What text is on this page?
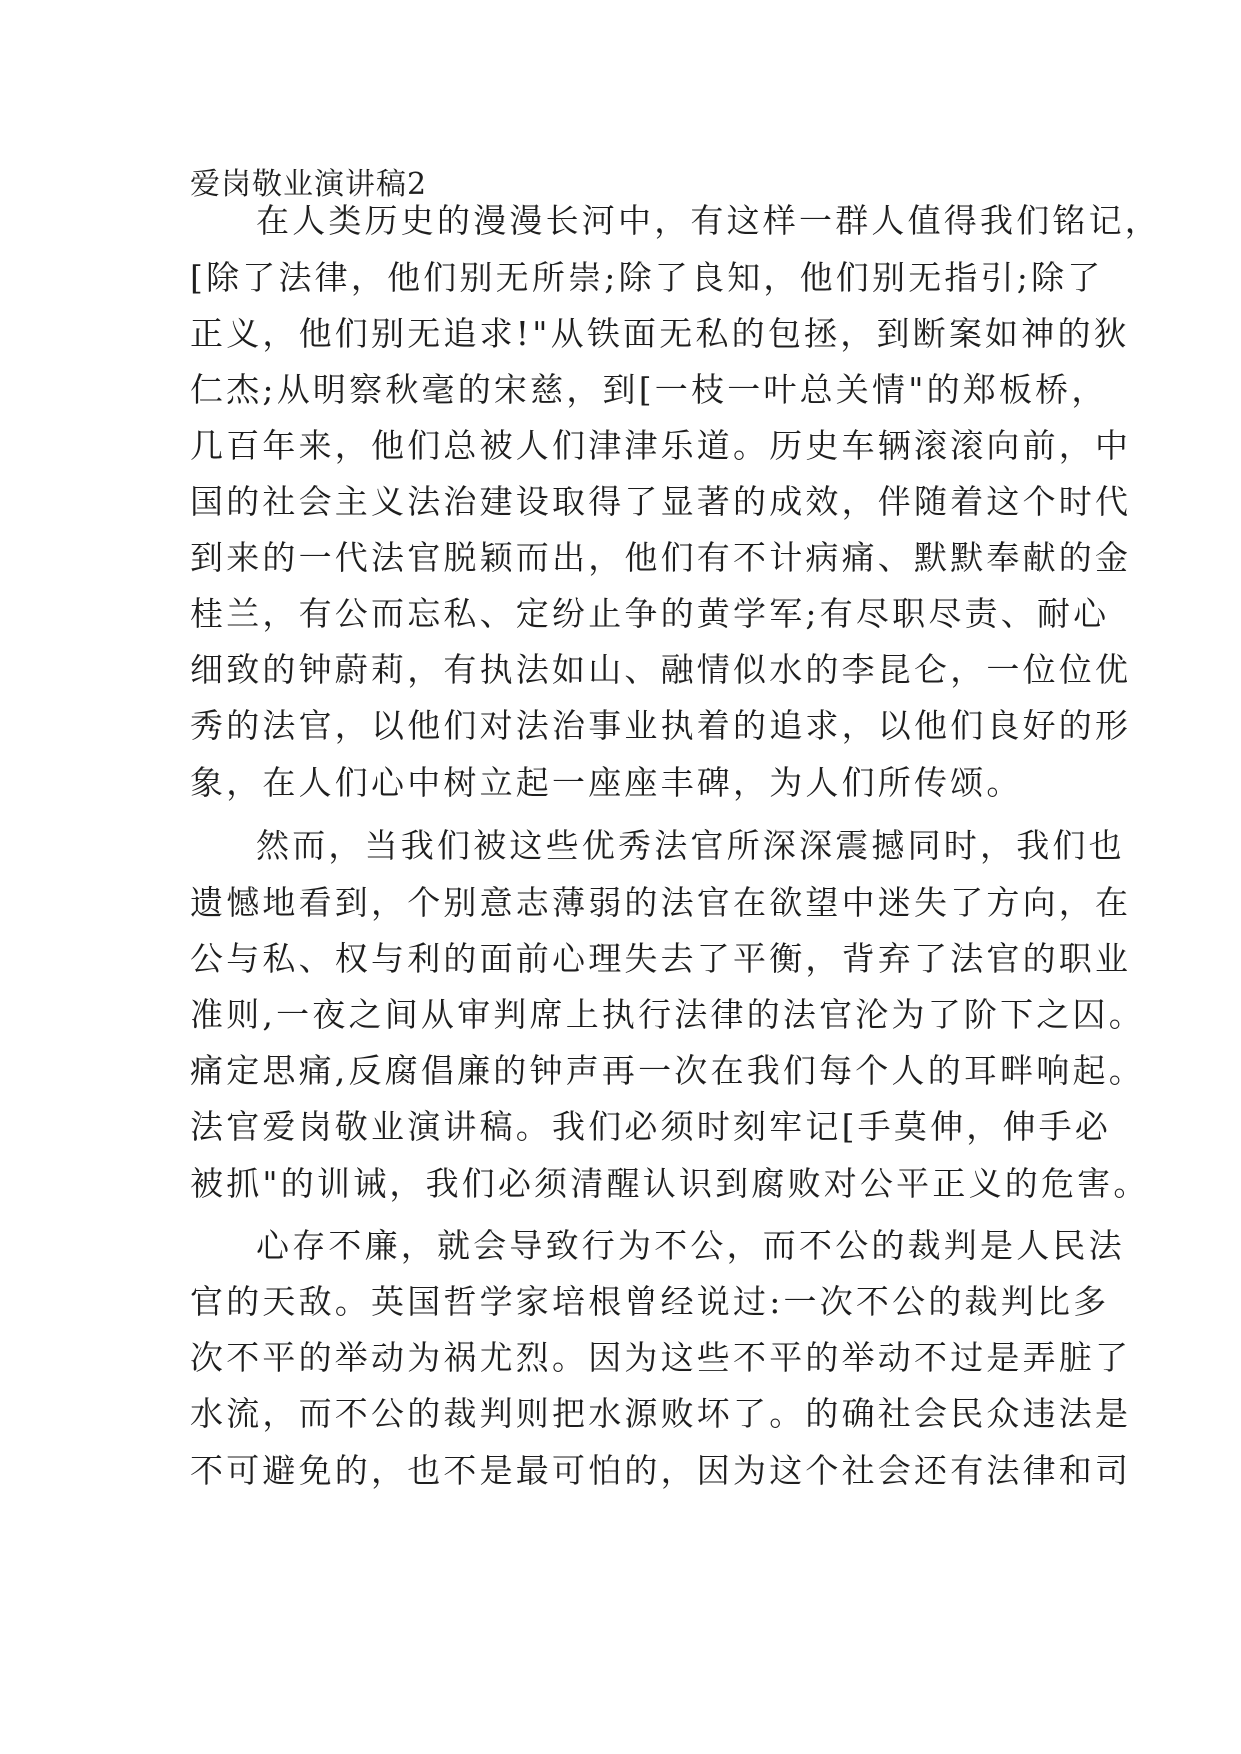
爱岗敬业演讲稿2
在人类历史的漫漫长河中，有这样一群人值得我们铭记，
[除了法律，他们别无所崇;除了良知，他们别无指引;除了
正义，他们别无追求!"从铁面无私的包拯，到断案如神的狄
仁杰;从明察秋毫的宋慈，到[一枝一叶总关情"的郑板桥，
几百年来，他们总被人们津津乐道。历史车辆滚滚向前，中
国的社会主义法治建设取得了显著的成效，伴随着这个时代
到来的一代法官脱颖而出，他们有不计病痛、默默奉献的金
桂兰，有公而忘私、定纷止争的黄学军;有尽职尽责、耐心
细致的钟蔚莉，有执法如山、融情似水的李昆仑，一位位优
秀的法官，以他们对法治事业执着的追求，以他们良好的形
象，在人们心中树立起一座座丰碑，为人们所传颂。
然而，当我们被这些优秀法官所深深震撼同时，我们也
遗憾地看到，个别意志薄弱的法官在欲望中迷失了方向，在
公与私、权与利的面前心理失去了平衡，背弃了法官的职业
准则,一夜之间从审判席上执行法律的法官沦为了阶下之囚。
痛定思痛,反腐倡廉的钟声再一次在我们每个人的耳畔响起。
法官爱岗敬业演讲稿。我们必须时刻牢记[手莫伸，伸手必
被抓"的训诫，我们必须清醒认识到腐败对公平正义的危害。
心存不廉，就会导致行为不公，而不公的裁判是人民法
官的天敌。英国哲学家培根曾经说过:一次不公的裁判比多
次不平的举动为祸尤烈。因为这些不平的举动不过是弄脏了
水流，而不公的裁判则把水源败坏了。的确社会民众违法是
不可避免的，也不是最可怕的，因为这个社会还有法律和司
